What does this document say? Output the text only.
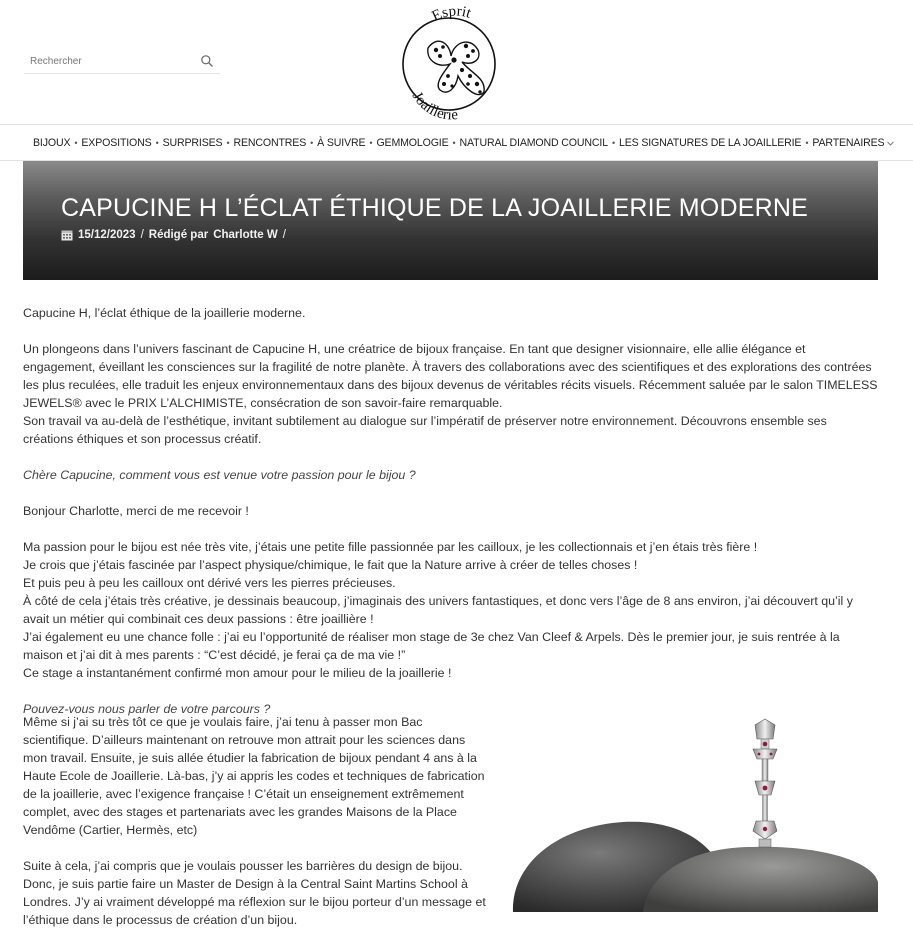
Rechercher
Esprit
Joaillerie
BIJOUX • EXPOSITIONS • SURPRISES • RENCONTRES • À SUIVRE • GEMMOLOGIE • NATURAL DIAMOND COUNCIL • LES SIGNATURES DE LA JOAILLERIE • PARTENAIRES
CAPUCINE H L’ÉCLAT ÉTHIQUE DE LA JOAILLERIE MODERNE
15/12/2023 / Rédigé par Charlotte W /

Capucine H, l’éclat éthique de la joaillerie moderne.

Un plongeons dans l’univers fascinant de Capucine H, une créatrice de bijoux française. En tant que designer visionnaire, elle allie élégance et engagement, éveillant les consciences sur la fragilité de notre planète. À travers des collaborations avec des scientifiques et des explorations des contrées les plus reculées, elle traduit les enjeux environnementaux dans des bijoux devenus de véritables récits visuels. Récemment saluée par le salon TIMELESS JEWELS® avec le PRIX L’ALCHIMISTE, consécration de son savoir-faire remarquable.
Son travail va au-delà de l’esthétique, invitant subtilement au dialogue sur l’impératif de préserver notre environnement. Découvrons ensemble ses créations éthiques et son processus créatif.

Chère Capucine, comment vous est venue votre passion pour le bijou ?

Bonjour Charlotte, merci de me recevoir !

Ma passion pour le bijou est née très vite, j’étais une petite fille passionnée par les cailloux, je les collectionnais et j’en étais très fière !
Je crois que j’étais fascinée par l’aspect physique/chimique, le fait que la Nature arrive à créer de telles choses !
Et puis peu à peu les cailloux ont dérivé vers les pierres précieuses.
À côté de cela j’étais très créative, je dessinais beaucoup, j’imaginais des univers fantastiques, et donc vers l’âge de 8 ans environ, j’ai découvert qu’il y avait un métier qui combinait ces deux passions : être joaillière !
J’ai également eu une chance folle : j’ai eu l’opportunité de réaliser mon stage de 3e chez Van Cleef & Arpels. Dès le premier jour, je suis rentrée à la maison et j’ai dit à mes parents : “C’est décidé, je ferai ça de ma vie !”
Ce stage a instantanément confirmé mon amour pour le milieu de la joaillerie !

Pouvez-vous nous parler de votre parcours ?

Même si j’ai su très tôt ce que je voulais faire, j’ai tenu à passer mon Bac scientifique. D’ailleurs maintenant on retrouve mon attrait pour les sciences dans mon travail. Ensuite, je suis allée étudier la fabrication de bijoux pendant 4 ans à la Haute Ecole de Joaillerie. Là-bas, j’y ai appris les codes et techniques de fabrication de la joaillerie, avec l’exigence française ! C’était un enseignement extrêmement complet, avec des stages et partenariats avec les grandes Maisons de la Place Vendôme (Cartier, Hermès, etc)

Suite à cela, j’ai compris que je voulais pousser les barrières du design de bijou. Donc, je suis partie faire un Master de Design à la Central Saint Martins School à Londres. J’y ai vraiment développé ma réflexion sur le bijou porteur d’un message et l’éthique dans le processus de création d’un bijou.
